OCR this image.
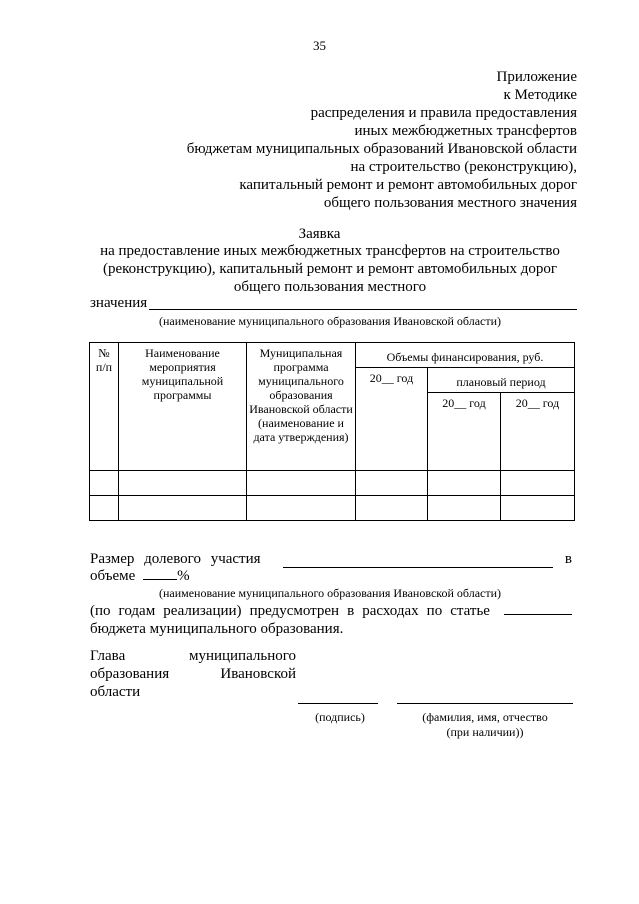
35
Приложение
к Методике
распределения и правила предоставления
иных межбюджетных трансфертов
бюджетам муниципальных образований Ивановской области
на строительство (реконструкцию),
капитальный ремонт и ремонт автомобильных дорог
общего пользования местного значения
Заявка
на предоставление иных межбюджетных трансфертов на строительство
(реконструкцию), капитальный ремонт и ремонт автомобильных дорог
общего пользования местного
значения
(наименование муниципального образования Ивановской области)
№ п/п	Наименование мероприятия муниципальной программы	Муниципальная программа муниципального образования Ивановской области (наименование и дата утверждения)	Объемы финансирования, руб.		
			20__ год	плановый период	
				20__ год	20__ год

Размер долевого участия	в
объеме	%
(наименование муниципального образования Ивановской области)
(по годам реализации) предусмотрен в расходах по статье
бюджета муниципального образования.
Глава муниципального
образования Ивановской
области
(подпись)	(фамилия, имя, отчество
(при наличии))
